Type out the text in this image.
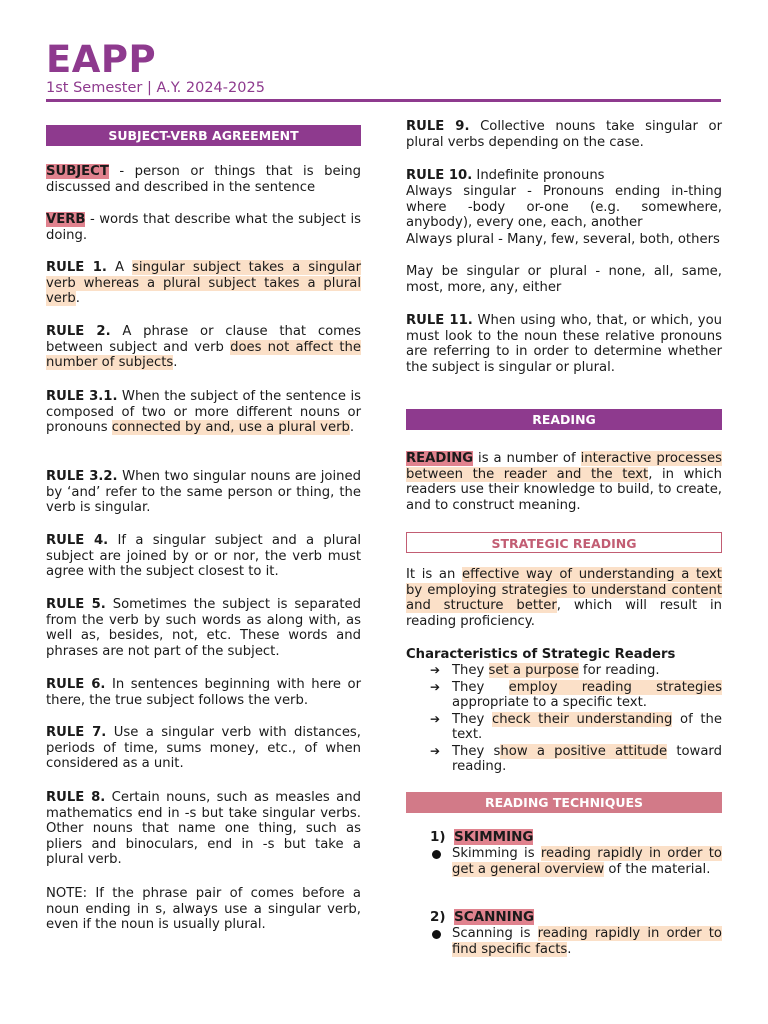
EAPP
1st Semester | A.Y. 2024-2025
SUBJECT-VERB AGREEMENT

SUBJECT - person or things that is being discussed and described in the sentence

VERB - words that describe what the subject is doing.

RULE 1. A singular subject takes a singular verb whereas a plural subject takes a plural verb.

RULE 2. A phrase or clause that comes between subject and verb does not affect the number of subjects.

RULE 3.1. When the subject of the sentence is composed of two or more different nouns or pronouns connected by and, use a plural verb.

RULE 3.2. When two singular nouns are joined by ‘and’ refer to the same person or thing, the verb is singular.

RULE 4. If a singular subject and a plural subject are joined by or or nor, the verb must agree with the subject closest to it.

RULE 5. Sometimes the subject is separated from the verb by such words as along with, as well as, besides, not, etc. These words and phrases are not part of the subject.

RULE 6. In sentences beginning with here or there, the true subject follows the verb.

RULE 7. Use a singular verb with distances, periods of time, sums money, etc., of when considered as a unit.

RULE 8. Certain nouns, such as measles and mathematics end in -s but take singular verbs. Other nouns that name one thing, such as pliers and binoculars, end in -s but take a plural verb.

NOTE: If the phrase pair of comes before a noun ending in s, always use a singular verb, even if the noun is usually plural.

RULE 9. Collective nouns take singular or plural verbs depending on the case.

RULE 10. Indefinite pronouns

Always singular - Pronouns ending in-thing where -body or-one (e.g. somewhere, anybody), every one, each, another

Always plural - Many, few, several, both, others

May be singular or plural - none, all, same, most, more, any, either

RULE 11. When using who, that, or which, you must look to the noun these relative pronouns are referring to in order to determine whether the subject is singular or plural.

READING

READING is a number of interactive processes between the reader and the text, in which readers use their knowledge to build, to create, and to construct meaning.

STRATEGIC READING

It is an effective way of understanding a text by employing strategies to understand content and structure better, which will result in reading proficiency.

Characteristics of Strategic Readers
➔ They set a purpose for reading.
➔ They employ reading strategies appropriate to a specific text.
➔ They check their understanding of the text.
➔ They show a positive attitude toward reading.
READING TECHNIQUES
1) SKIMMING
Skimming is reading rapidly in order to get a general overview of the material.
2) SCANNING
Scanning is reading rapidly in order to find specific facts.
